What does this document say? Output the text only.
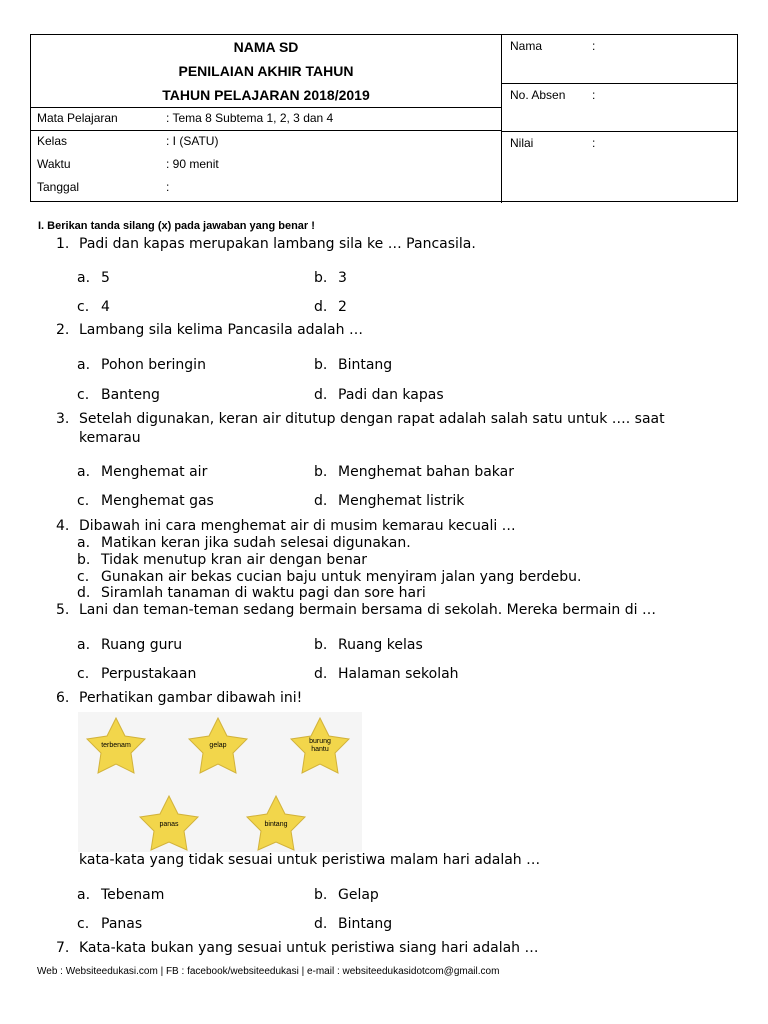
NAMA SD
PENILAIAN AKHIR TAHUN
TAHUN PELAJARAN 2018/2019
Mata Pelajaran	: Tema 8 Subtema 1, 2, 3 dan 4
Kelas	: I (SATU)
Waktu	: 90 menit
Tanggal	:
Nama	:
No. Absen :
Nilai	:
I. Berikan tanda silang (x) pada jawaban yang benar !
1. Padi dan kapas merupakan lambang sila ke … Pancasila.
a. 5	b. 3
c. 4	d. 2
2. Lambang sila kelima Pancasila adalah …
a. Pohon beringin	b. Bintang
c. Banteng	d. Padi dan kapas
3. Setelah digunakan, keran air ditutup dengan rapat adalah salah satu untuk …. saat
kemarau
a. Menghemat air	b. Menghemat bahan bakar
c. Menghemat gas	d. Menghemat listrik
4. Dibawah ini cara menghemat air di musim kemarau kecuali …
a. Matikan keran jika sudah selesai digunakan.
b. Tidak menutup kran air dengan benar
c. Gunakan air bekas cucian baju untuk menyiram jalan yang berdebu.
d. Siramlah tanaman di waktu pagi dan sore hari
5. Lani dan teman-teman sedang bermain bersama di sekolah. Mereka bermain di …
a. Ruang guru	b. Ruang kelas
c. Perpustakaan	d. Halaman sekolah
6. Perhatikan gambar dibawah ini!
terbenam	gelap
burung
hantu
panas	bintang
kata-kata yang tidak sesuai untuk peristiwa malam hari adalah …
a. Tebenam	b. Gelap
c. Panas	d. Bintang
7. Kata-kata bukan yang sesuai untuk peristiwa siang hari adalah …
Web : Websiteedukasi.com | FB : facebook/websiteedukasi | e-mail : websiteedukasidotcom@gmail.com
